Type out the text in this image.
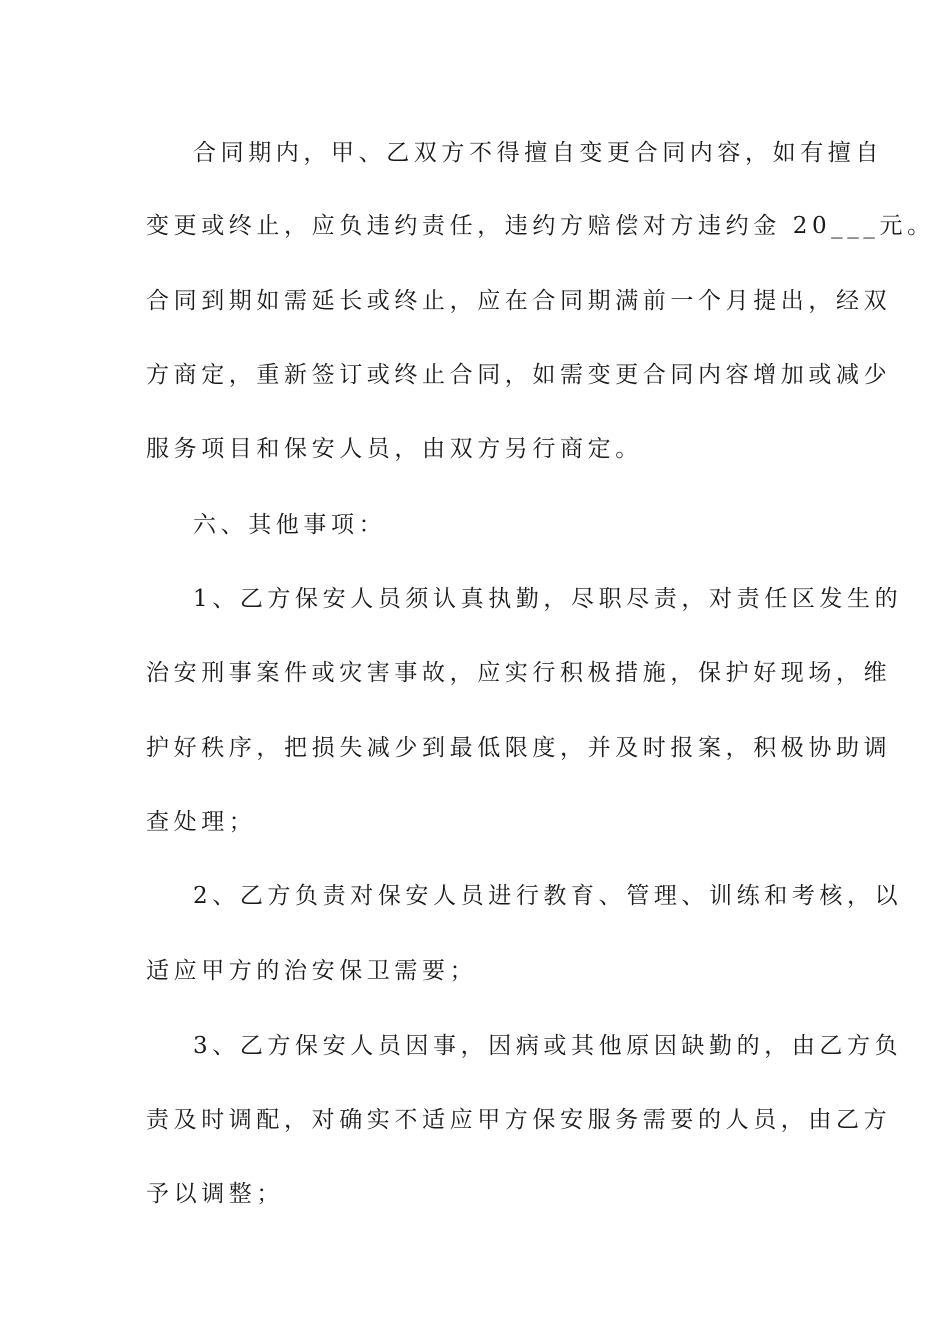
合同期内，甲、乙双方不得擅自变更合同内容，如有擅自
变更或终止，应负违约责任，违约方赔偿对方违约金 20___元。
合同到期如需延长或终止，应在合同期满前一个月提出，经双
方商定，重新签订或终止合同，如需变更合同内容增加或减少
服务项目和保安人员，由双方另行商定。
六、其他事项：
1、乙方保安人员须认真执勤，尽职尽责，对责任区发生的
治安刑事案件或灾害事故，应实行积极措施，保护好现场，维
护好秩序，把损失减少到最低限度，并及时报案，积极协助调
查处理；
2、乙方负责对保安人员进行教育、管理、训练和考核，以
适应甲方的治安保卫需要；
3、乙方保安人员因事，因病或其他原因缺勤的，由乙方负
责及时调配，对确实不适应甲方保安服务需要的人员，由乙方
予以调整；
